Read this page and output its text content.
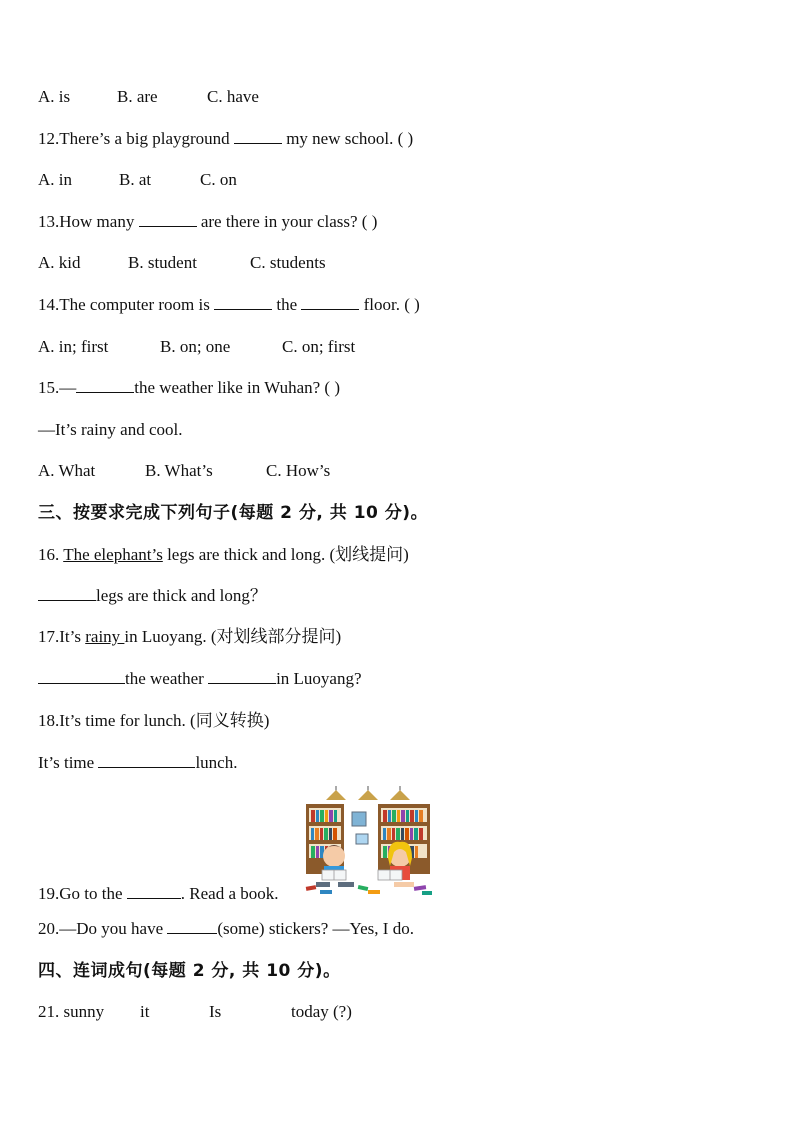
A. is	B. are	C. have
12.There’s a big playground	my new school. ( )
A. in	B. at	C. on
13.How many	are there in your class? ( )
A. kid	B. student	C. students
14.The computer room is	the	floor. ( )
A. in; first	B. on; one	C. on; first
15.—	the weather like in Wuhan? ( )
—It’s rainy and cool.
A. What	B. What’s	C. How’s
三、按要求完成下列句子(每题 2 分, 共 10 分)。
16. The elephant’s legs are thick and long. (划线提问)
legs are thick and long？
17.It’s rainy in Luoyang. (对划线部分提问)
the weather	in Luoyang?
18.It’s time for lunch. (同义转换)
It’s time	lunch.
19.Go to the	. Read a book.
20.—Do you have	(some) stickers? —Yes, I do.
四、连词成句(每题 2 分, 共 10 分)。
21. sunny it	Is	today (?)
